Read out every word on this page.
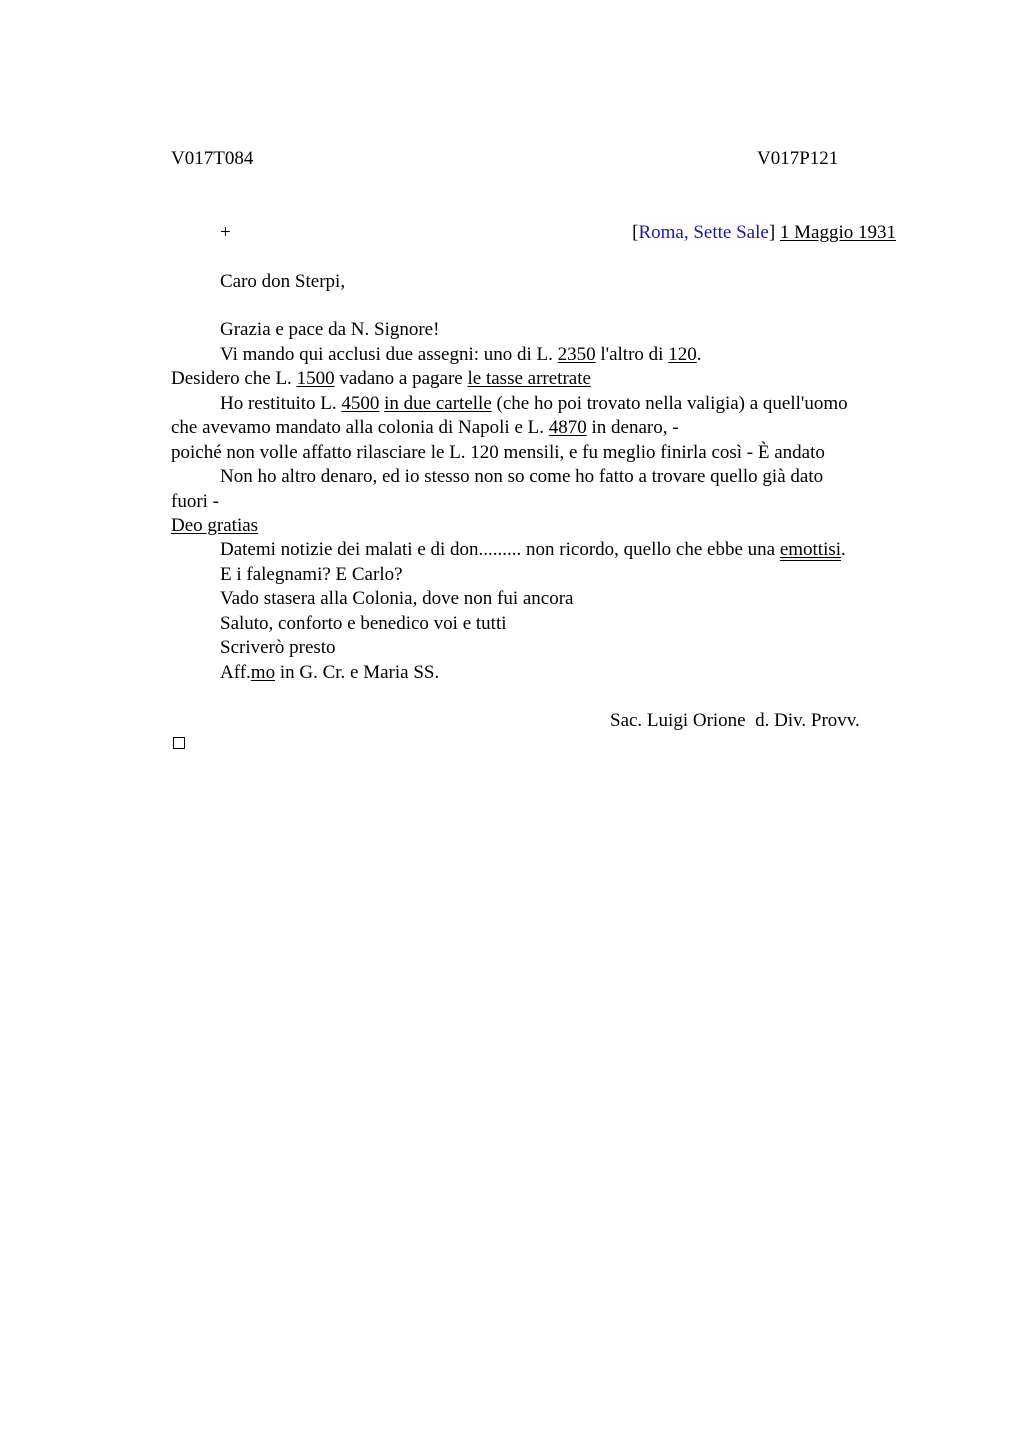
V017T084	V017P121
+	[Roma, Sette Sale] 1 Maggio 1931
Caro don Sterpi,
Grazia e pace da N. Signore!
Vi mando qui acclusi due assegni: uno di L. 2350 l'altro di 120.
Desidero che L. 1500 vadano a pagare le tasse arretrate
Ho restituito L. 4500 in due cartelle (che ho poi trovato nella valigia) a quell'uomo
che avevamo mandato alla colonia di Napoli e L. 4870 in denaro, -
poiché non volle affatto rilasciare le L. 120 mensili, e fu meglio finirla così - È andato
Non ho altro denaro, ed io stesso non so come ho fatto a trovare quello già dato
fuori -
Deo gratias
Datemi notizie dei malati e di don......... non ricordo, quello che ebbe una emottisi.
E i falegnami? E Carlo?
Vado stasera alla Colonia, dove non fui ancora
Saluto, conforto e benedico voi e tutti
Scriverò presto
Aff.mo in G. Cr. e Maria SS.
Sac. Luigi Orione  d. Div. Provv.
